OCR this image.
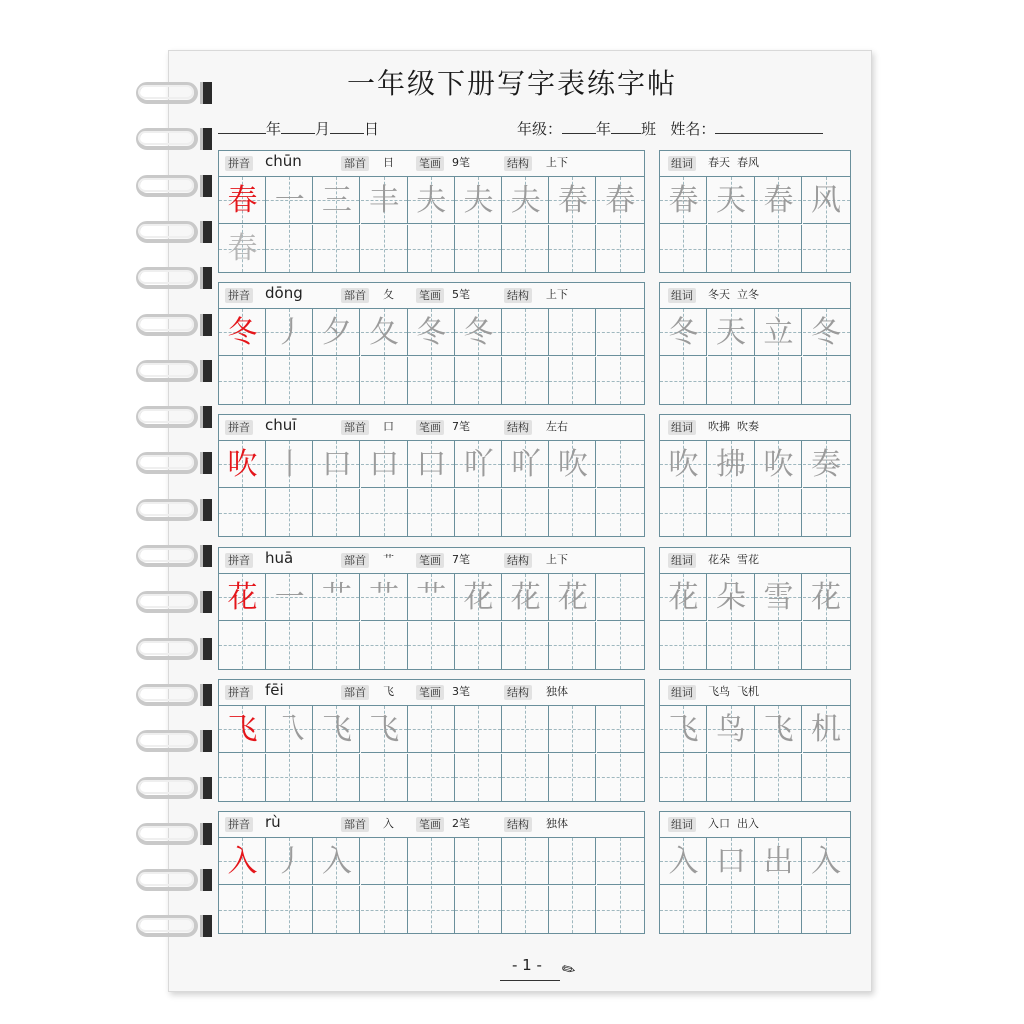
一年级下册写字表练字帖
年 月 日	年级： 年 班 姓名：
拼音	部首	笔画	结构
chūn	日	9笔	上下
春 一 三 丰 夫 夫 夫 春 春
春
组词 春天  春风
春 天 春 风
拼音	部首	笔画	结构
dōng	夂	5笔	上下
冬 丿 夕 夂 冬 冬
组词 冬天  立冬
冬 天 立 冬
拼音	部首	笔画	结构
chuī	口	7笔	左右
吹 丨 口 口 口 吖 吖 吹
组词 吹拂  吹奏
吹 拂 吹 奏
拼音	部首	笔画	结构
huā	艹	7笔	上下
花 一 艹 艹 艹 花 花 花
组词 花朵  雪花
花 朵 雪 花
拼音	部首	笔画	结构
fēi	飞	3笔	独体
飞 乁 飞 飞
组词 飞鸟  飞机
飞 鸟 飞 机
拼音	部首	笔画	结构
rù	入	2笔	独体
入 丿 入
组词 入口  出入
入 口 出 入
- 1 - ✎
